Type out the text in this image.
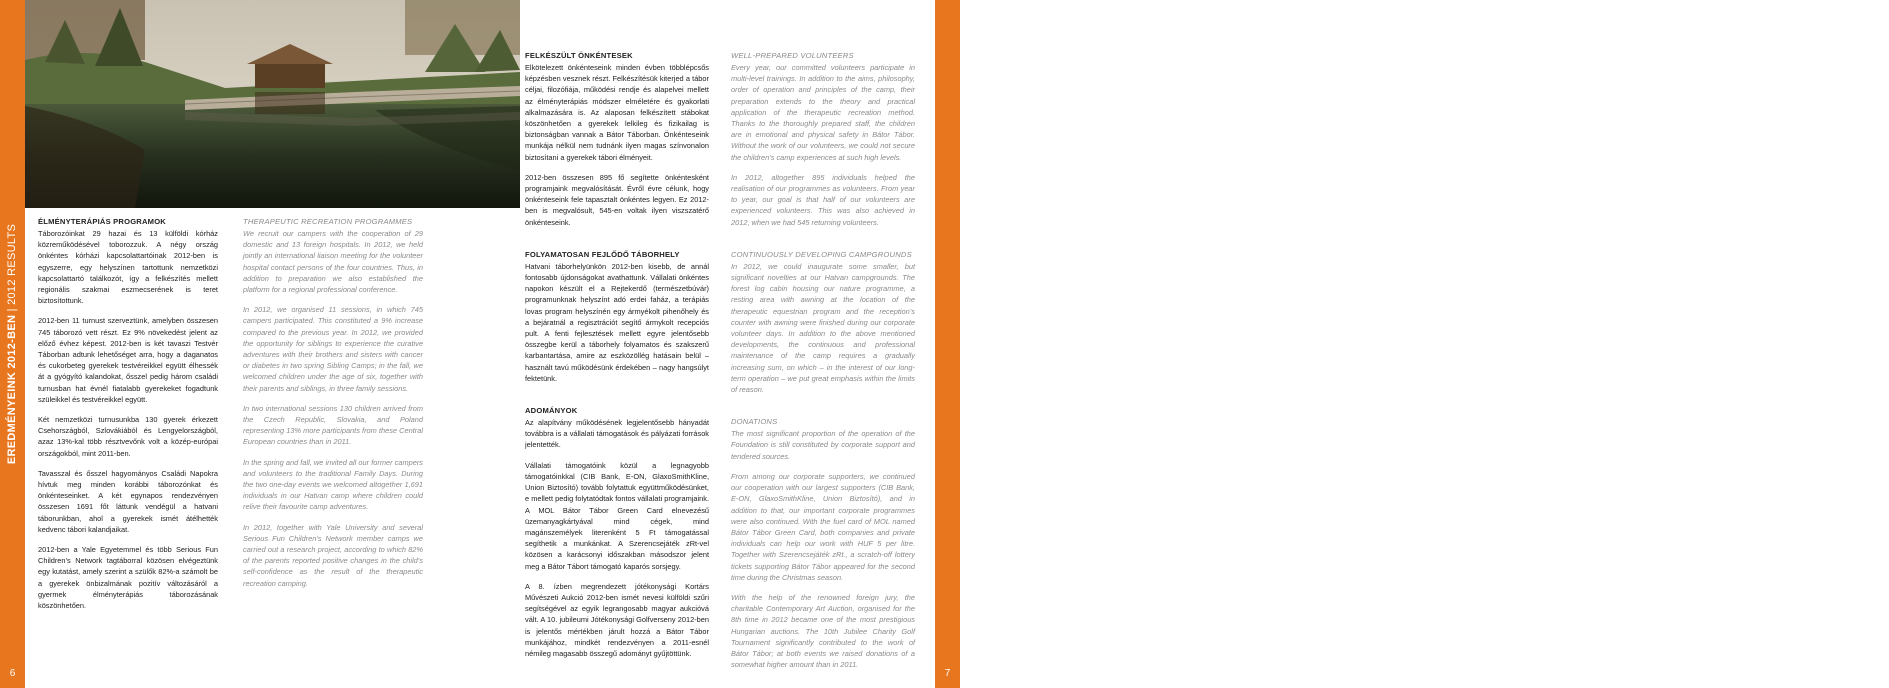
EREDMÉNYEINK 2012-BEN | 2012 RESULTS
6
EREDMÉNYEINK 2012-BEN | 2012 RESULTS
7
ÉLMÉNYTERÁPIÁS PROGRAMOK

Táborozóinkat 29 hazai és 13 külföldi kórház közreműködésével toborozzuk. A négy ország önkéntes kórházi kapcsolattartóinak 2012-ben is egyszerre, egy helyszínen tartottunk nemzetközi kapcsolattartó találkozót, így a felkészítés mellett regionális szakmai eszmecserének is teret biztosítottunk.

2012-ben 11 turnust szerveztünk, amelyben összesen 745 táborozó vett részt. Ez 9% növekedést jelent az előző évhez képest. 2012-ben is két tavaszi Testvér Táborban adtunk lehetőséget arra, hogy a daganatos és cukorbeteg gyerekek testvéreikkel együtt élhessék át a gyógyító kalandokat, ősszel pedig három családi turnusban hat évnél fiatalabb gyerekeket fogadtunk szüleikkel és testvéreikkel együtt.

Két nemzetközi turnusunkba 130 gyerek érkezett Csehországból, Szlovákiából és Lengyelországból, azaz 13%-kal több résztvevőnk volt a közép-európai országokból, mint 2011-ben.

Tavasszal és ősszel hagyományos Családi Napokra hívtuk meg minden korábbi táborozónkat és önkénteseinket. A két egynapos rendezvényen összesen 1691 főt láttunk vendégül a hatvani táborunkban, ahol a gyerekek ismét átélhették kedvenc tábori kalandjaikat.

2012-ben a Yale Egyetemmel és több Serious Fun Children’s Network tagtáborral közösen elvégeztünk egy kutatást, amely szerint a szülők 82%-a számolt be a gyerekek önbizalmának pozitív változásáról a gyermek élményterápiás táborozásának köszönhetően.

THERAPEUTIC RECREATION PROGRAMMES

We recruit our campers with the cooperation of 29 domestic and 13 foreign hospitals. In 2012, we held jointly an international liaison meeting for the volunteer hospital contact persons of the four countries. Thus, in addition to preparation we also established the platform for a regional professional conference.

In 2012, we organised 11 sessions, in which 745 campers participated. This constituted a 9% increase compared to the previous year. In 2012, we provided the opportunity for siblings to experience the curative adventures with their brothers and sisters with cancer or diabetes in two spring Sibling Camps; in the fall, we welcomed children under the age of six, together with their parents and siblings, in three family sessions.

In two international sessions 130 children arrived from the Czech Republic, Slovakia, and Poland representing 13% more participants from these Central European countries than in 2011.

In the spring and fall, we invited all our former campers and volunteers to the traditional Family Days. During the two one-day events we welcomed altogether 1,691 individuals in our Hatvan camp where children could relive their favourite camp adventures.

In 2012, together with Yale University and several Serious Fun Children’s Network member camps we carried out a research project, according to which 82% of the parents reported positive changes in the child’s self-confidence as the result of the therapeutic recreation camping.

FELKÉSZÜLT ÖNKÉNTESEK

Elkötelezett önkénteseink minden évben többlépcsős képzésben vesznek részt. Felkészítésük kiterjed a tábor céljai, filozófiája, működési rendje és alapelvei mellett az élményterápiás módszer elméletére és gyakorlati alkalmazására is. Az alaposan felkészített stábokat köszönhetően a gyerekek lelkileg és fizikailag is biztonságban vannak a Bátor Táborban. Önkénteseink munkája nélkül nem tudnánk ilyen magas színvonalon biztosítani a gyerekek tábori élményeit.

2012-ben összesen 895 fő segítette önkéntesként programjaink megvalósítását. Évről évre célunk, hogy önkénteseink fele tapasztalt önkéntes legyen. Ez 2012-ben is megvalósult, 545-en voltak ilyen viszszatérő önkénteseink.

FOLYAMATOSAN FEJLŐDŐ TÁBORHELY

Hatvani táborhelyünkön 2012-ben kisebb, de annál fontosabb újdonságokat avathattunk. Vállalati önkéntes napokon készült el a Rejtekerdő (természetbúvár) programunknak helyszínt adó erdei faház, a terápiás lovas program helyszínén egy ármyékolt pihenőhely és a bejáratnál a regisztrációt segítő ármykolt recepciós pult. A fenti fejlesztések mellett egyre jelentősebb összegbe kerül a táborhely folyamatos és szakszerű karbantartása, amire az eszközöllég hatásain belül – használt tavú működésünk érdekében – nagy hangsúlyt fektetünk.

ADOMÁNYOK

Az alapítvány működésének legjelentősebb hányadát továbbra is a vállalati támogatások és pályázati források jelentették.

Vállalati támogatóink közül a legnagyobb támogatóinkkal (CIB Bank, E-ON, GlaxoSmithKline, Union Biztosító) tovább folytattuk együttműködésünket, e mellett pedig folytatódtak fontos vállalati programjaink. A MOL Bátor Tábor Green Card elnevezésű üzemanyagkártyával mind cégek, mind magánszemélyek literenként 5 Ft támogatással segíthetik a munkánkat. A Szerencsejáték zRt-vel közösen a karácsonyi időszakban másodszor jelent meg a Bátor Tábort támogató kaparós sorsjegy.

A 8. ízben megrendezett jótékonysági Kortárs Művészeti Aukció 2012-ben ismét nevesi külföldi szűri segítségével az egyik legrangosabb magyar aukcióvá vált. A 10. jubileumi Jótékonysági Golfverseny 2012-ben is jelentős mértékben járult hozzá a Bátor Tábor munkájához, mindkét rendezvényen a 2011-esnél némileg magasabb összegű adományt gyűjtöttünk.

WELL-PREPARED VOLUNTEERS

Every year, our committed volunteers participate in multi-level trainings. In addition to the aims, philosophy, order of operation and principles of the camp, their preparation extends to the theory and practical application of the therapeutic recreation method. Thanks to the thoroughly prepared staff, the children are in emotional and physical safety in Bátor Tábor. Without the work of our volunteers, we could not secure the children’s camp experiences at such high levels.

In 2012, altogether 895 individuals helped the realisation of our programmes as volunteers. From year to year, our goal is that half of our volunteers are experienced volunteers. This was also achieved in 2012, when we had 545 returning volunteers.

CONTINUOUSLY DEVELOPING CAMPGROUNDS

In 2012, we could inaugurate some smaller, but significant novelties at our Hatvan campgrounds. The forest log cabin housing our nature programme, a resting area with awning at the location of the therapeutic equestrian program and the reception’s counter with awning were finished during our corporate volunteer days. In addition to the above mentioned developments, the continuous and professional maintenance of the camp requires a gradually increasing sum, on which – in the interest of our long-term operation – we put great emphasis within the limits of reason.

DONATIONS

The most significant proportion of the operation of the Foundation is still constituted by corporate support and tendered sources.

From among our corporate supporters, we continued our cooperation with our largest supporters (CIB Bank, E-ON, GlaxoSmithKline, Union Biztosító), and in addition to that, our important corporate programmes were also continued. With the fuel card of MOL named Bátor Tábor Green Card, both companies and private individuals can help our work with HUF 5 per litre. Together with Szerencsejáték zRt., a scratch-off lottery tickets supporting Bátor Tábor appeared for the second time during the Christmas season.

With the help of the renowned foreign jury, the charitable Contemporary Art Auction, organised for the 8th time in 2012 became one of the most prestigious Hungarian auctions. The 10th Jubilee Charity Golf Tournament significantly contributed to the work of Bátor Tábor; at both events we raised donations of a somewhat higher amount than in 2011.
